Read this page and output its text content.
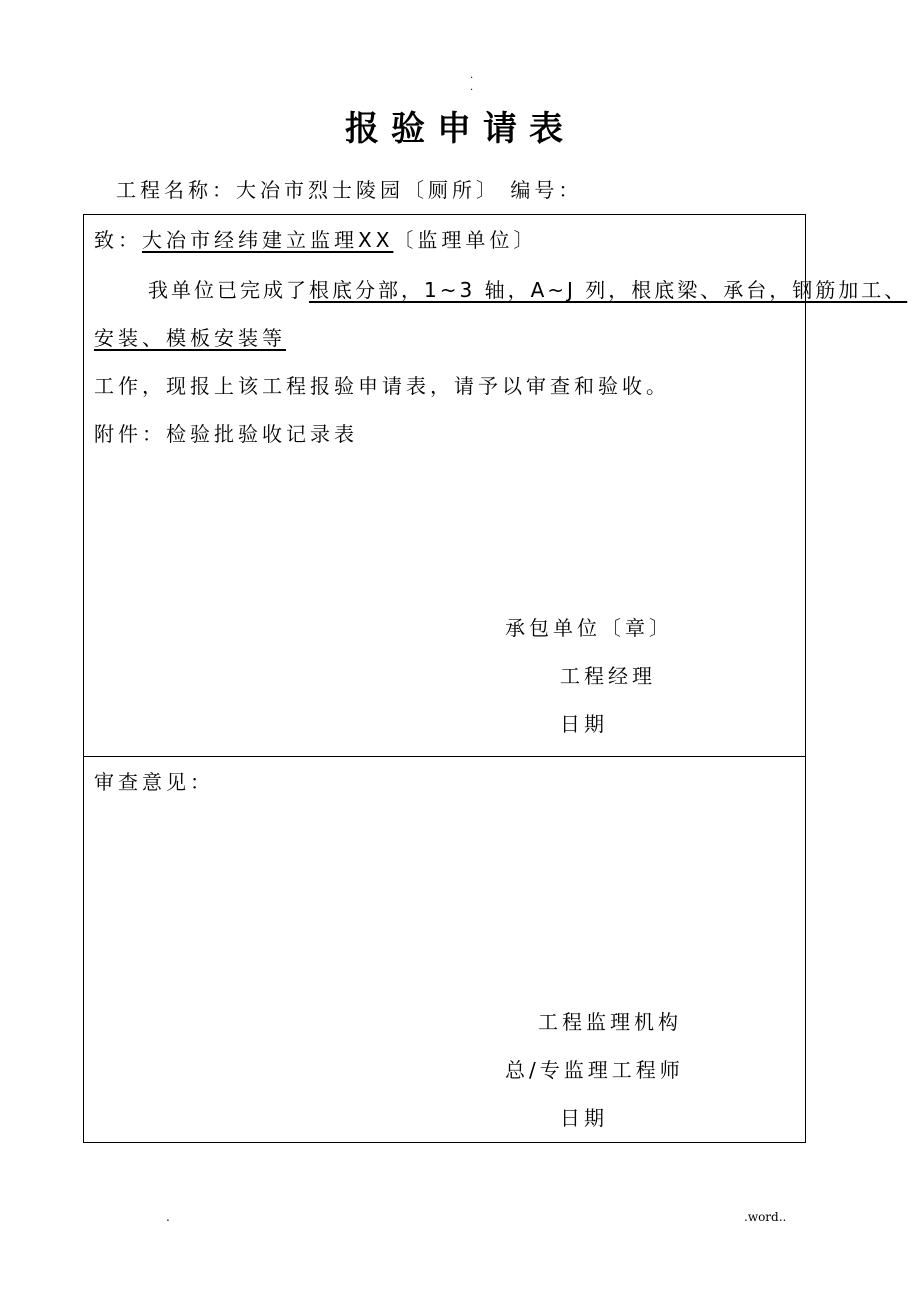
.
.
报验申请表
工程名称：大冶市烈士陵园〔厕所〕 编号：
致：大冶市经纬建立监理XX〔监理单位〕
我单位已完成了根底分部，1~3 轴，A~J 列，根底梁、承台，钢筋加工、
安装、模板安装等
工作，现报上该工程报验申请表，请予以审查和验收。
附件：检验批验收记录表
承包单位〔章〕
工程经理
日期
审查意见：
工程监理机构
总/专监理工程师
日期
.	.word..
